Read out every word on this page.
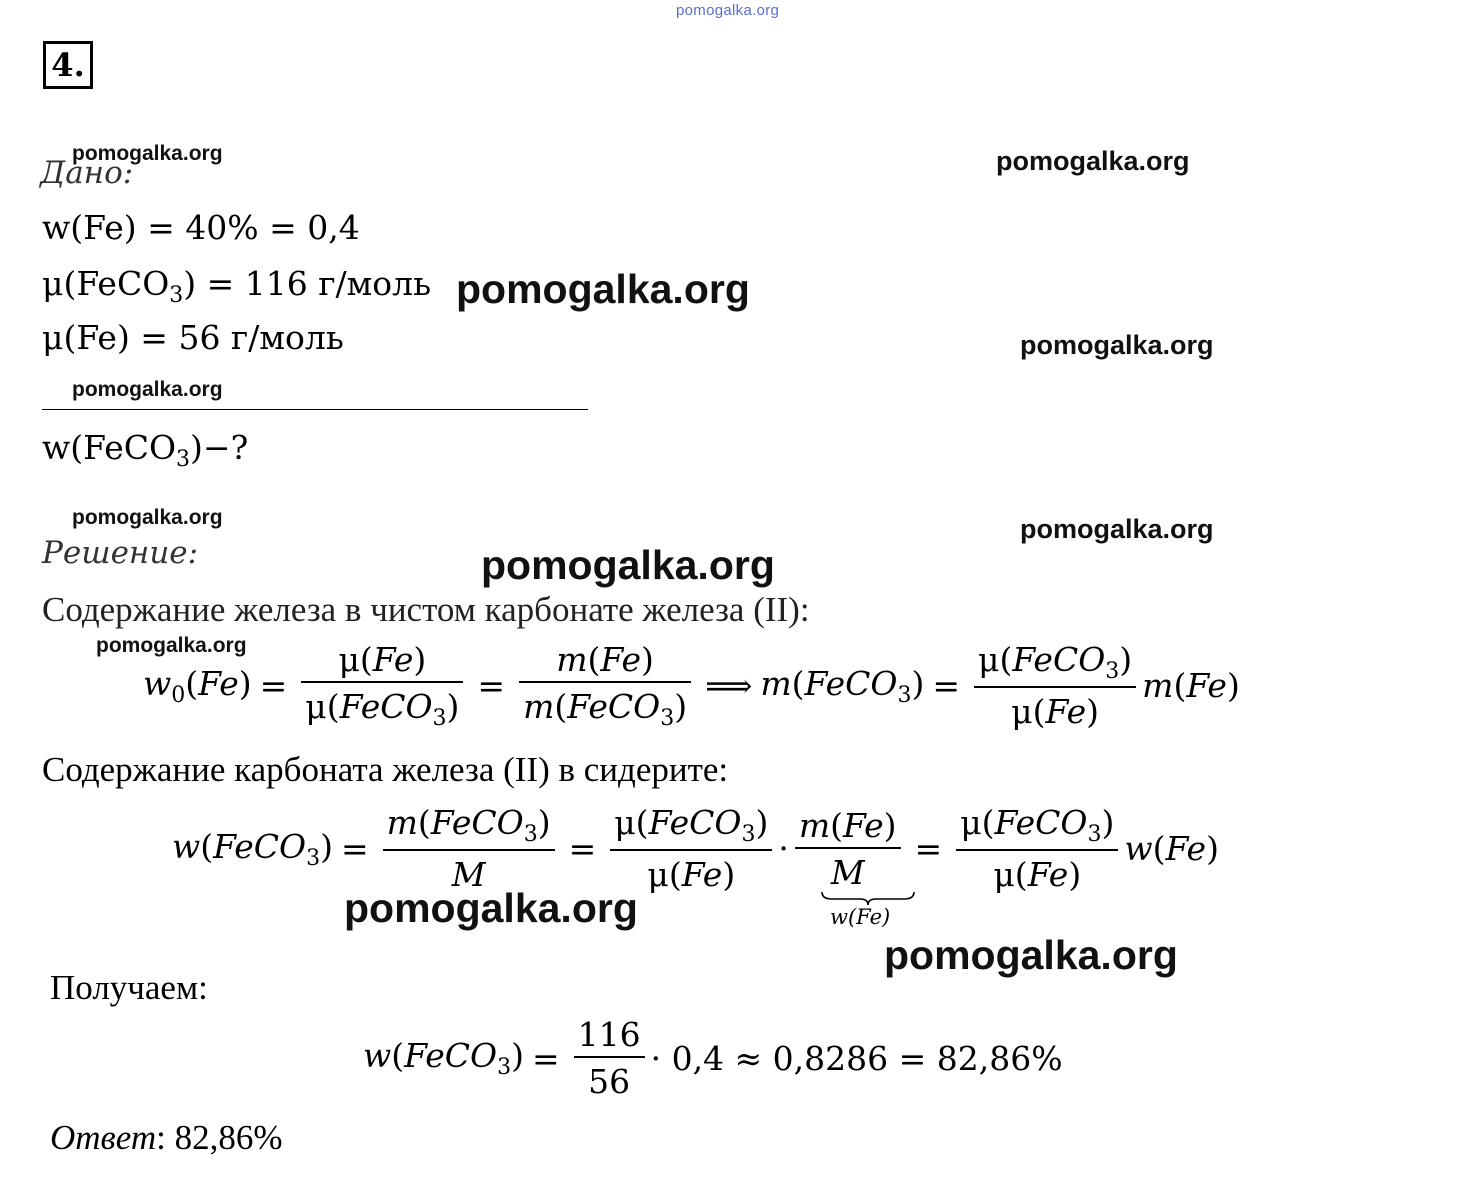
pomogalka.org
4.
Дано:
w(Fe) = 40% = 0,4
μ(FeCO$_3$) = 116 г/моль
μ(Fe) = 56 г/моль
w(FeCO$_3$)−?
Решение:
Содержание железа в чистом карбонате железа (II):
$w_0(Fe) = \frac{\mu(Fe)}{\mu(FeCO_3)} = \frac{m(Fe)}{m(FeCO_3)}$ ⟹ m(FeCO$_3$) = $\frac{\mu(FeCO_3)}{\mu(Fe)} m(Fe)$
Содержание карбоната железа (II) в сидерите:
w(FeCO$_3$) = $\frac{m(FeCO_3)}{M} = \frac{\mu(FeCO_3)}{\mu(Fe)} \cdot \frac{m(Fe)}{M} = \frac{\mu(FeCO_3)}{\mu(Fe)} w(Fe)$
w(Fe)
Получаем:
w(FeCO$_3$) = $\frac{116}{56} \cdot 0,4 \approx 0,8286 = 82,86\%$
Ответ: 82,86%
pomogalka.org	pomogalka.org
pomogalka.org
pomogalka.org
pomogalka.org
pomogalka.org	pomogalka.org
pomogalka.org
pomogalka.org
pomogalka.org
pomogalka.org
